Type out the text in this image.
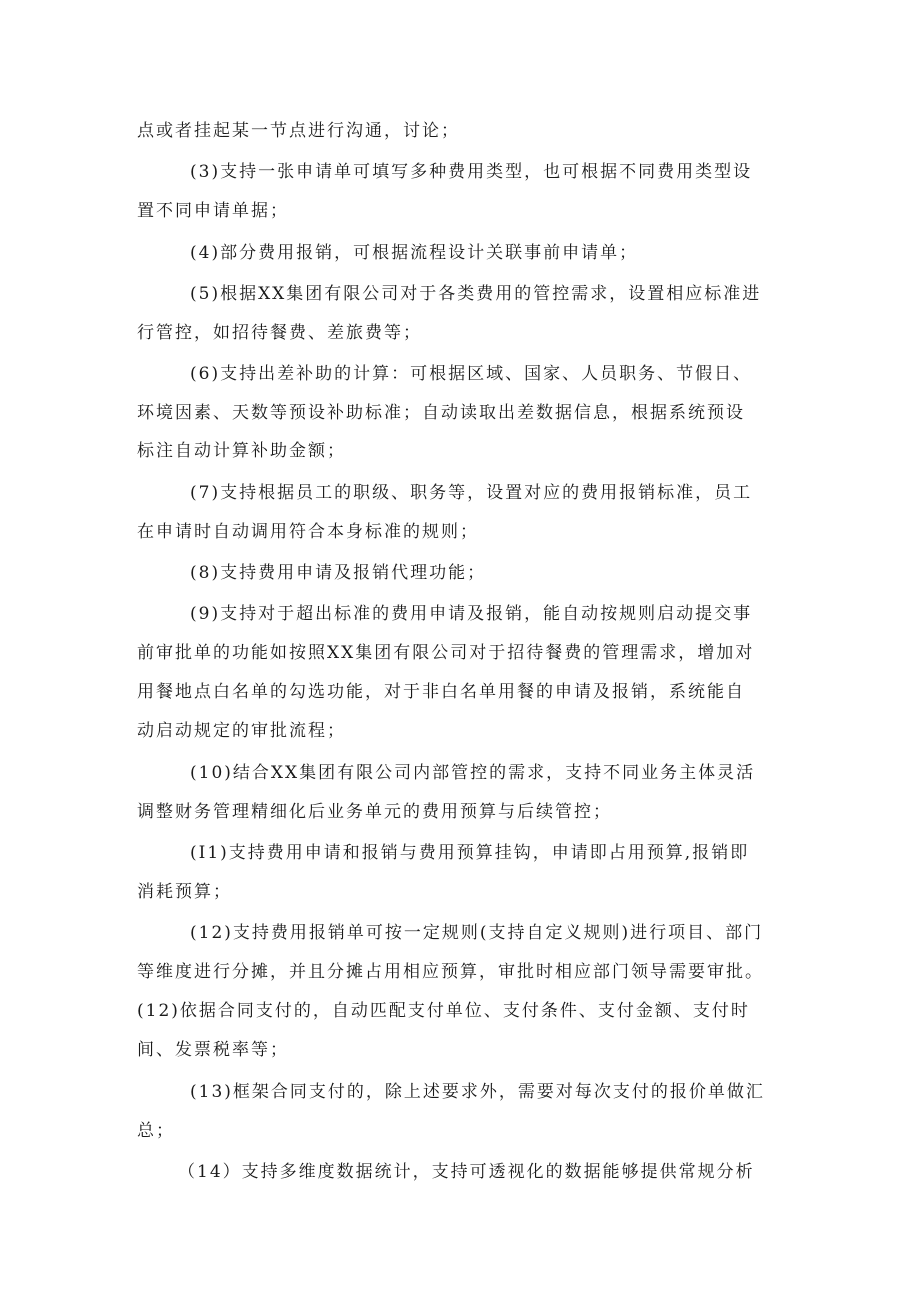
点或者挂起某一节点进行沟通，讨论；
(3)支持一张申请单可填写多种费用类型，也可根据不同费用类型设
置不同申请单据；
(4)部分费用报销，可根据流程设计关联事前申请单；
(5)根据XX集团有限公司对于各类费用的管控需求，设置相应标准进
行管控，如招待餐费、差旅费等；
(6)支持出差补助的计算：可根据区域、国家、人员职务、节假日、
环境因素、天数等预设补助标准；自动读取出差数据信息，根据系统预设
标注自动计算补助金额；
(7)支持根据员工的职级、职务等，设置对应的费用报销标准，员工
在申请时自动调用符合本身标准的规则；
(8)支持费用申请及报销代理功能；
(9)支持对于超出标准的费用申请及报销，能自动按规则启动提交事
前审批单的功能如按照XX集团有限公司对于招待餐费的管理需求，增加对
用餐地点白名单的勾选功能，对于非白名单用餐的申请及报销，系统能自
动启动规定的审批流程；
(10)结合XX集团有限公司内部管控的需求，支持不同业务主体灵活
调整财务管理精细化后业务单元的费用预算与后续管控；
(I1)支持费用申请和报销与费用预算挂钩，申请即占用预算,报销即
消耗预算；
(12)支持费用报销单可按一定规则(支持自定义规则)进行项目、部门
等维度进行分摊，并且分摊占用相应预算，审批时相应部门领导需要审批。
(12)依据合同支付的，自动匹配支付单位、支付条件、支付金额、支付时
间、发票税率等；
(13)框架合同支付的，除上述要求外，需要对每次支付的报价单做汇
总；
（14）支持多维度数据统计，支持可透视化的数据能够提供常规分析
